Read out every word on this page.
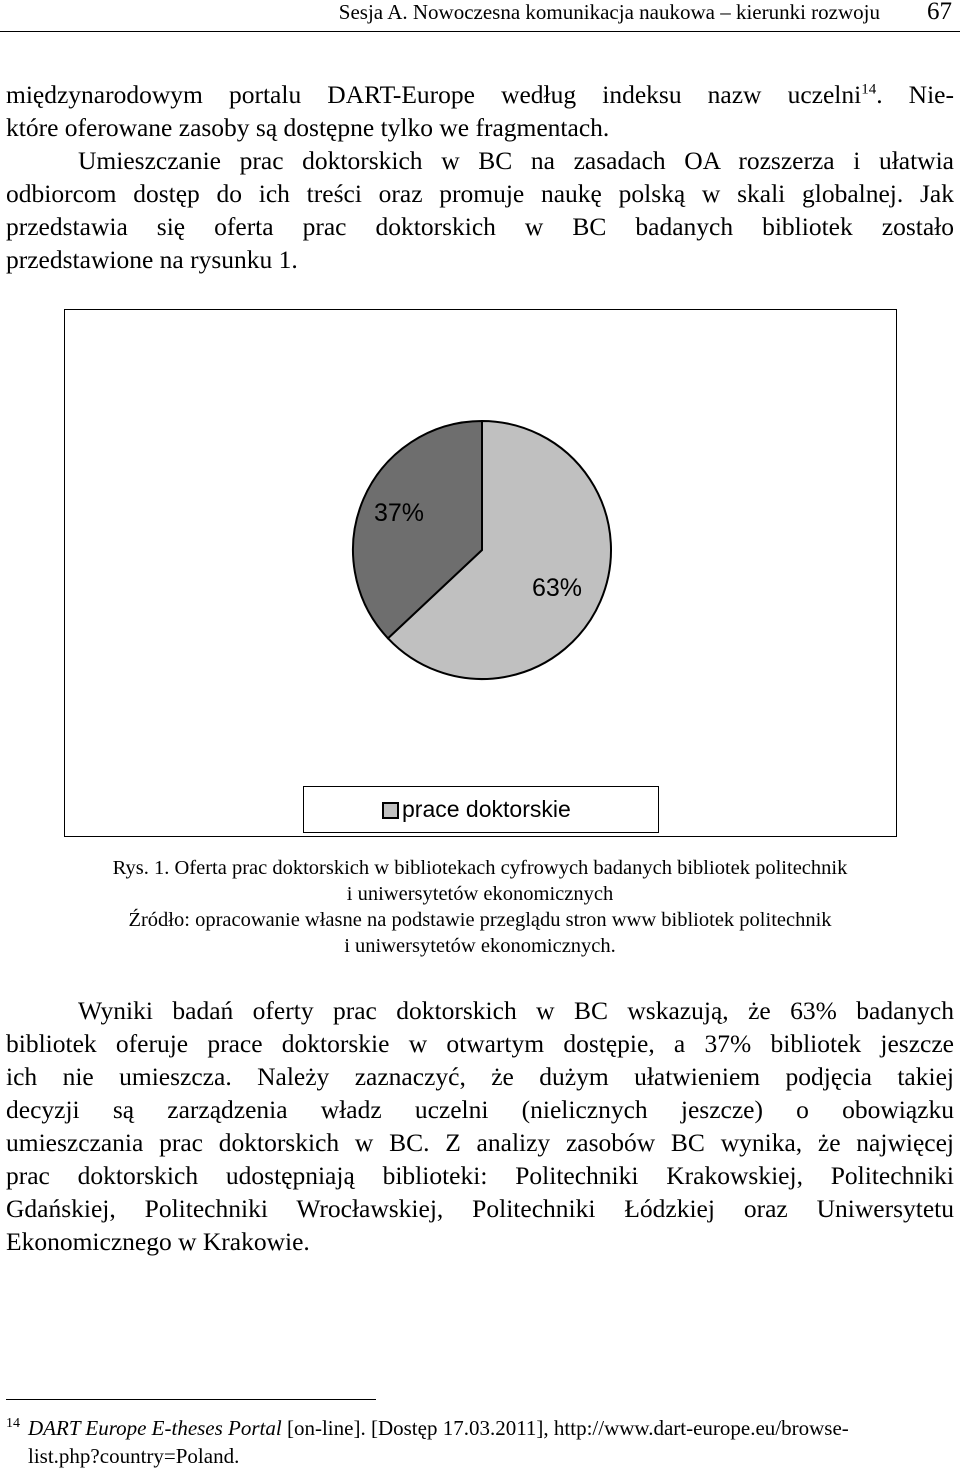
Sesja A. Nowoczesna komunikacja naukowa – kierunki rozwoju 67
międzynarodowym portalu DART-Europe według indeksu nazw uczelni$^{14}$. Nie-
które oferowane zasoby są dostępne tylko we fragmentach.
Umieszczanie prac doktorskich w BC na zasadach OA rozszerza i ułatwia
odbiorcom dostęp do ich treści oraz promuje naukę polską w skali globalnej. Jak
przedstawia się oferta prac doktorskich w BC badanych bibliotek zostało
przedstawione na rysunku 1.
63%
37%
prace doktorskie
Rys. 1. Oferta prac doktorskich w bibliotekach cyfrowych badanych bibliotek politechnik
i uniwersytetów ekonomicznych
Źródło: opracowanie własne na podstawie przeglądu stron www bibliotek politechnik
i uniwersytetów ekonomicznych.
Wyniki badań oferty prac doktorskich w BC wskazują, że 63% badanych
bibliotek oferuje prace doktorskie w otwartym dostępie, a 37% bibliotek jeszcze
ich nie umieszcza. Należy zaznaczyć, że dużym ułatwieniem podjęcia takiej
decyzji są zarządzenia władz uczelni (nielicznych jeszcze) o obowiązku
umieszczania prac doktorskich w BC. Z analizy zasobów BC wynika, że najwięcej
prac doktorskich udostępniają biblioteki: Politechniki Krakowskiej, Politechniki
Gdańskiej, Politechniki Wrocławskiej, Politechniki Łódzkiej oraz Uniwersytetu
Ekonomicznego w Krakowie.
$^{14}$ DART Europe E-theses Portal [on-line]. [Dostęp 17.03.2011], http://www.dart-europe.eu/browse-
list.php?country=Poland.
